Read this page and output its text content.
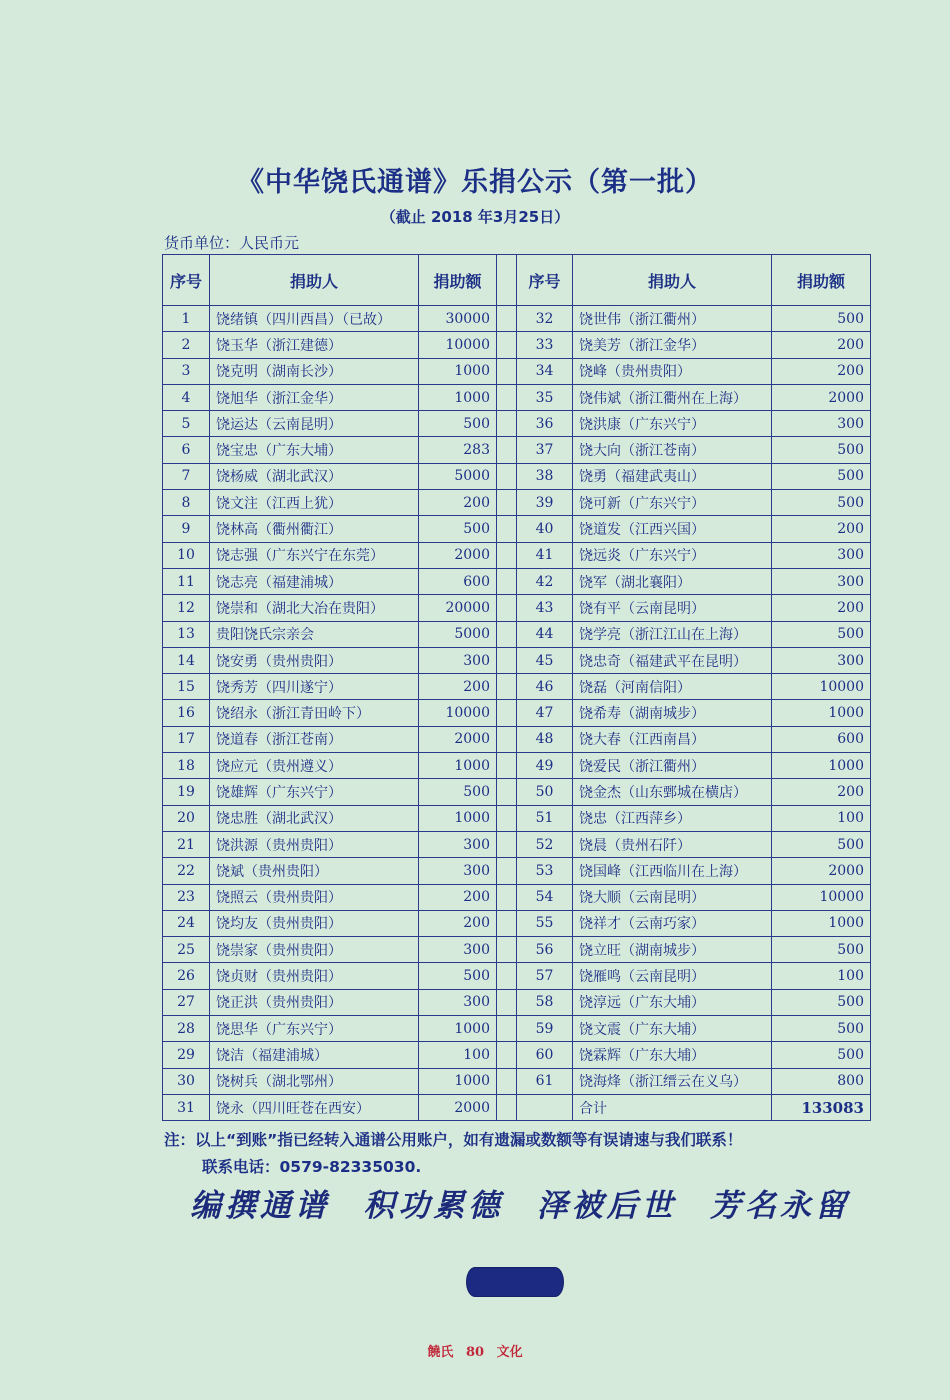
《中华饶氏通谱》乐捐公示（第一批）
（截止 2018 年3月25日）
货币单位：人民币元
序号	捐助人	捐助额		序号	捐助人	捐助额
1	饶绪镇（四川西昌）（已故）	30000		32	饶世伟（浙江衢州）	500
2	饶玉华（浙江建德）	10000		33	饶美芳（浙江金华）	200
3	饶克明（湖南长沙）	1000		34	饶峰（贵州贵阳）	200
4	饶旭华（浙江金华）	1000		35	饶伟斌（浙江衢州在上海）	2000
5	饶运达（云南昆明）	500		36	饶洪康（广东兴宁）	300
6	饶宝忠（广东大埔）	283		37	饶大向（浙江苍南）	500
7	饶杨威（湖北武汉）	5000		38	饶勇（福建武夷山）	500
8	饶文注（江西上犹）	200		39	饶可新（广东兴宁）	500
9	饶林高（衢州衢江）	500		40	饶道发（江西兴国）	200
10	饶志强（广东兴宁在东莞）	2000		41	饶远炎（广东兴宁）	300
11	饶志亮（福建浦城）	600		42	饶军（湖北襄阳）	300
12	饶崇和（湖北大冶在贵阳）	20000		43	饶有平（云南昆明）	200
13	贵阳饶氏宗亲会	5000		44	饶学亮（浙江江山在上海）	500
14	饶安勇（贵州贵阳）	300		45	饶忠奇（福建武平在昆明）	300
15	饶秀芳（四川遂宁）	200		46	饶磊（河南信阳）	10000
16	饶绍永（浙江青田岭下）	10000		47	饶希寿（湖南城步）	1000
17	饶道春（浙江苍南）	2000		48	饶大春（江西南昌）	600
18	饶应元（贵州遵义）	1000		49	饶爱民（浙江衢州）	1000
19	饶雄辉（广东兴宁）	500		50	饶金杰（山东鄄城在横店）	200
20	饶忠胜（湖北武汉）	1000		51	饶忠（江西萍乡）	100
21	饶洪源（贵州贵阳）	300		52	饶晨（贵州石阡）	500
22	饶斌（贵州贵阳）	300		53	饶国峰（江西临川在上海）	2000
23	饶照云（贵州贵阳）	200		54	饶大顺（云南昆明）	10000
24	饶均友（贵州贵阳）	200		55	饶祥才（云南巧家）	1000
25	饶崇家（贵州贵阳）	300		56	饶立旺（湖南城步）	500
26	饶贞财（贵州贵阳）	500		57	饶雁鸣（云南昆明）	100
27	饶正洪（贵州贵阳）	300		58	饶淳远（广东大埔）	500
28	饶思华（广东兴宁）	1000		59	饶文震（广东大埔）	500
29	饶洁（福建浦城）	100		60	饶霖辉（广东大埔）	500
30	饶树兵（湖北鄂州）	1000		61	饶海烽（浙江缙云在义乌）	800
31	饶永（四川旺苍在西安）	2000			合计	133083
注：以上“到账”指已经转入通谱公用账户，如有遗漏或数额等有误请速与我们联系！
联系电话：0579-82335030.
编撰通谱 积功累德 泽被后世 芳名永留
饒氏 80 文化
